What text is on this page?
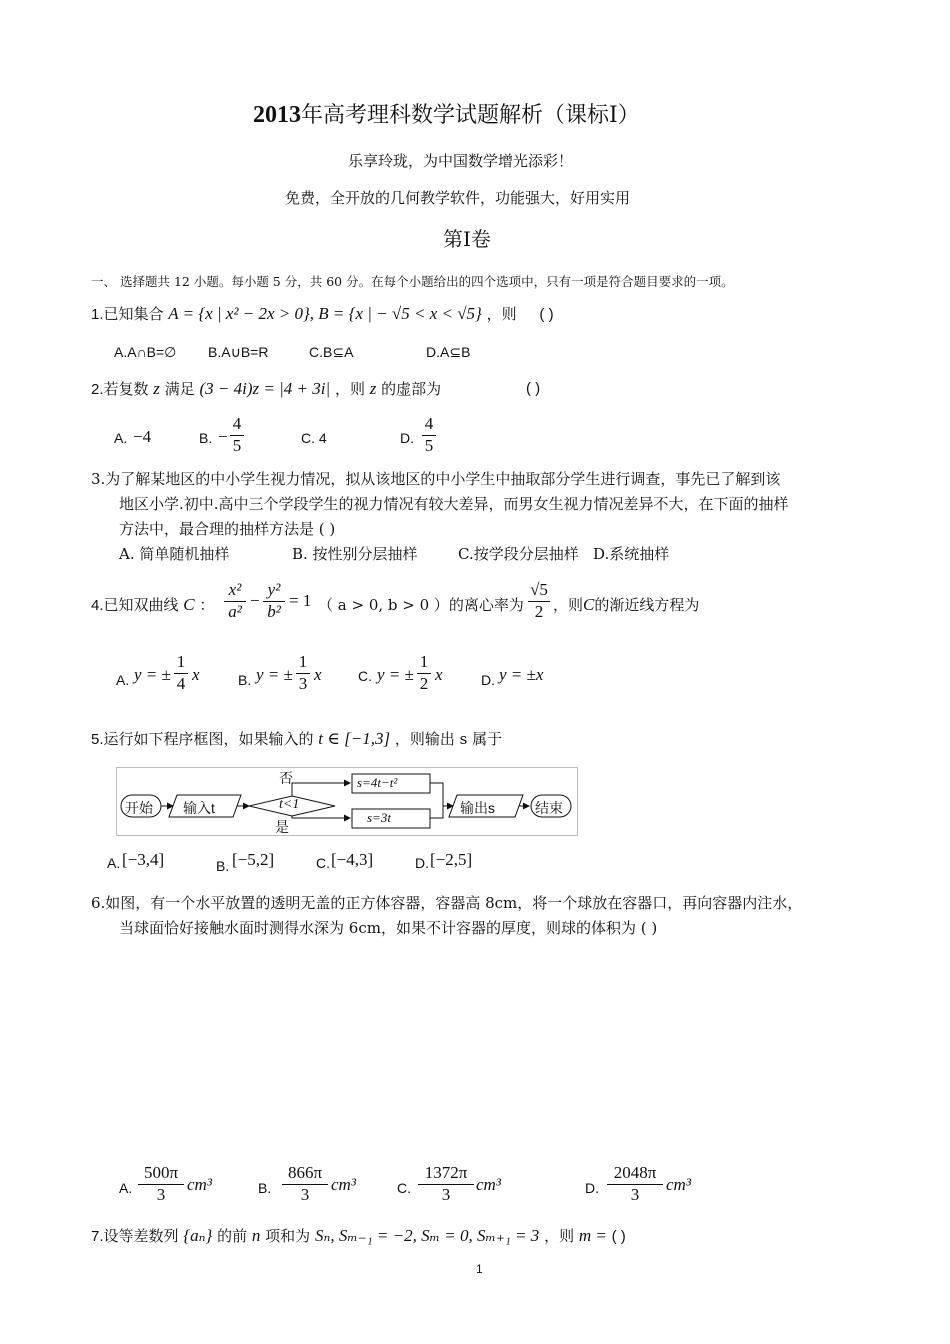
2013年高考理科数学试题解析（课标Ⅰ）
乐享玲珑，为中国数学增光添彩！
免费，全开放的几何教学软件，功能强大，好用实用
第Ⅰ卷
一、 选择题共 12 小题。每小题 5 分，共 60 分。在每个小题给出的四个选项中，只有一项是符合题目要求的一项。
1.已知集合 A = {x | x² − 2x > 0}, B = {x | − √5 < x < √5} ，则 ( )
A.A∩B=∅ B.A∪B=R	C.B⊆A	D.A⊆B
2.若复数 z 满足 (3 − 4i)z = |4 + 3i| ，则 z 的虚部为	( )
A. −4	B. − $\frac{4}{5}$	C. 4	D. $\frac{4}{5}$
3.为了解某地区的中小学生视力情况，拟从该地区的中小学生中抽取部分学生进行调查，事先已了解到该
地区小学.初中.高中三个学段学生的视力情况有较大差异，而男女生视力情况差异不大，在下面的抽样
方法中，最合理的抽样方法是 ( )
A. 简单随机抽样	B. 按性别分层抽样	C.按学段分层抽样 D.系统抽样
4.已知双曲线 C ： $\frac{\text{x²}}{\text{a²}} - \frac{\text{y²}}{\text{b²}} = 1$ （ a > 0, b > 0 ）的离心率为 $\frac{√5}{2}$ ，则C的渐近线方程为
A. y = ± $\frac{1}{4}$ x	B. y = ± $\frac{1}{3}$ x	C. y = ± $\frac{1}{2}$ x	D. y = ±x
5.运行如下程序框图，如果输入的 t ∈ [−1,3] ，则输出 s 属于
开始 输入t	t<1
否
是
s=4t−t²
s=3t
输出s	结束
A. [−3,4]	B. [−5,2]	C. [−4,3]	D. [−2,5]
6.如图，有一个水平放置的透明无盖的正方体容器，容器高 8cm，将一个球放在容器口，再向容器内注水，
当球面恰好接触水面时测得水深为 6cm，如果不计容器的厚度，则球的体积为 ( )
A. $\frac{500\pi}{3} cm^3$	B. $\frac{866\pi}{3} cm^3$	C. $\frac{1372\pi}{3} cm^3$	D. $\frac{2048\pi}{3} cm^3$
7.设等差数列 {aₙ} 的前 n 项和为 Sₙ, Sₘ₋₁ = −2, Sₘ = 0, Sₘ₊₁ = 3 ，则 m = ( )
1
